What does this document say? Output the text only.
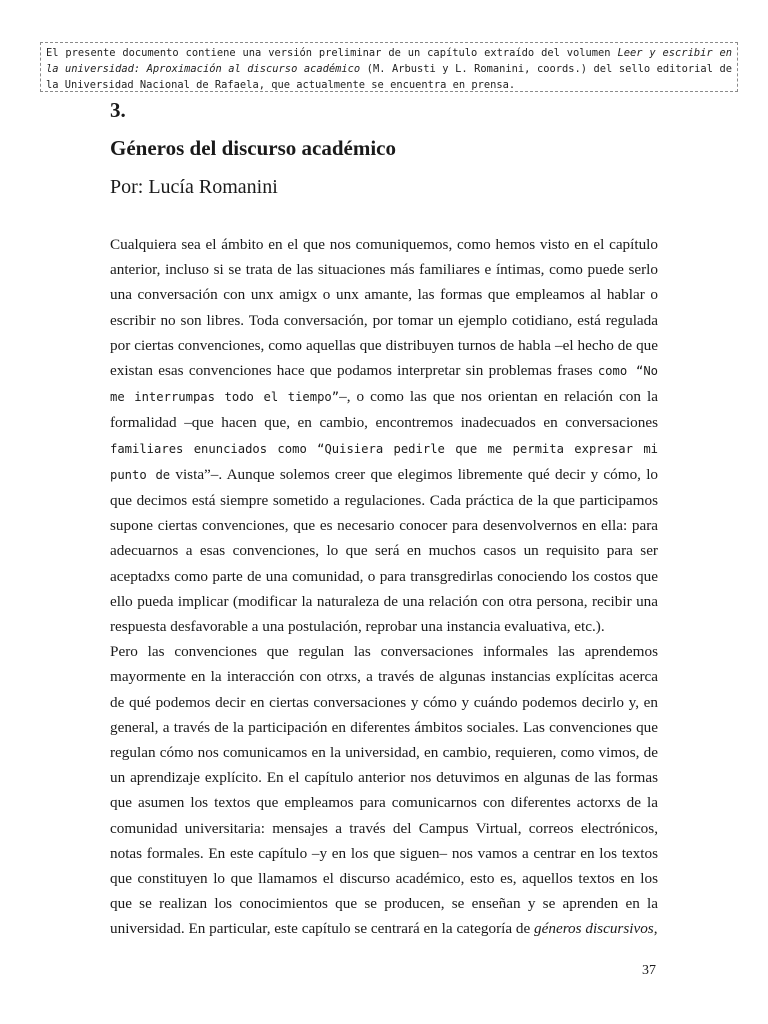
El presente documento contiene una versión preliminar de un capítulo extraído del volumen Leer y escribir en la universidad: Aproximación al discurso académico (M. Arbusti y L. Romanini, coords.) del sello editorial de la Universidad Nacional de Rafaela, que actualmente se encuentra en prensa.
3.
Géneros del discurso académico
Por: Lucía Romanini

Cualquiera sea el ámbito en el que nos comuniquemos, como hemos visto en el capítulo anterior, incluso si se trata de las situaciones más familiares e íntimas, como puede serlo una conversación con unx amigx o unx amante, las formas que empleamos al hablar o escribir no son libres. Toda conversación, por tomar un ejemplo cotidiano, está regulada por ciertas convenciones, como aquellas que distribuyen turnos de habla –el hecho de que existan esas convenciones hace que podamos interpretar sin problemas frases como “No me interrumpas todo el tiempo”–, o como las que nos orientan en relación con la formalidad –que hacen que, en cambio, encontremos inadecuados en conversaciones familiares enunciados como “Quisiera pedirle que me permita expresar mi punto de vista”–. Aunque solemos creer que elegimos libremente qué decir y cómo, lo que decimos está siempre sometido a regulaciones. Cada práctica de la que participamos supone ciertas convenciones, que es necesario conocer para desenvolvernos en ella: para adecuarnos a esas convenciones, lo que será en muchos casos un requisito para ser aceptadxs como parte de una comunidad, o para transgredirlas conociendo los costos que ello pueda implicar (modificar la naturaleza de una relación con otra persona, recibir una respuesta desfavorable a una postulación, reprobar una instancia evaluativa, etc.).

Pero las convenciones que regulan las conversaciones informales las aprendemos mayormente en la interacción con otrxs, a través de algunas instancias explícitas acerca de qué podemos decir en ciertas conversaciones y cómo y cuándo podemos decirlo y, en general, a través de la participación en diferentes ámbitos sociales. Las convenciones que regulan cómo nos comunicamos en la universidad, en cambio, requieren, como vimos, de un aprendizaje explícito. En el capítulo anterior nos detuvimos en algunas de las formas que asumen los textos que empleamos para comunicarnos con diferentes actorxs de la comunidad universitaria: mensajes a través del Campus Virtual, correos electrónicos, notas formales. En este capítulo –y en los que siguen– nos vamos a centrar en los textos que constituyen lo que llamamos el discurso académico, esto es, aquellos textos en los que se realizan los conocimientos que se producen, se enseñan y se aprenden en la universidad. En particular, este capítulo se centrará en la categoría de géneros discursivos,

37
